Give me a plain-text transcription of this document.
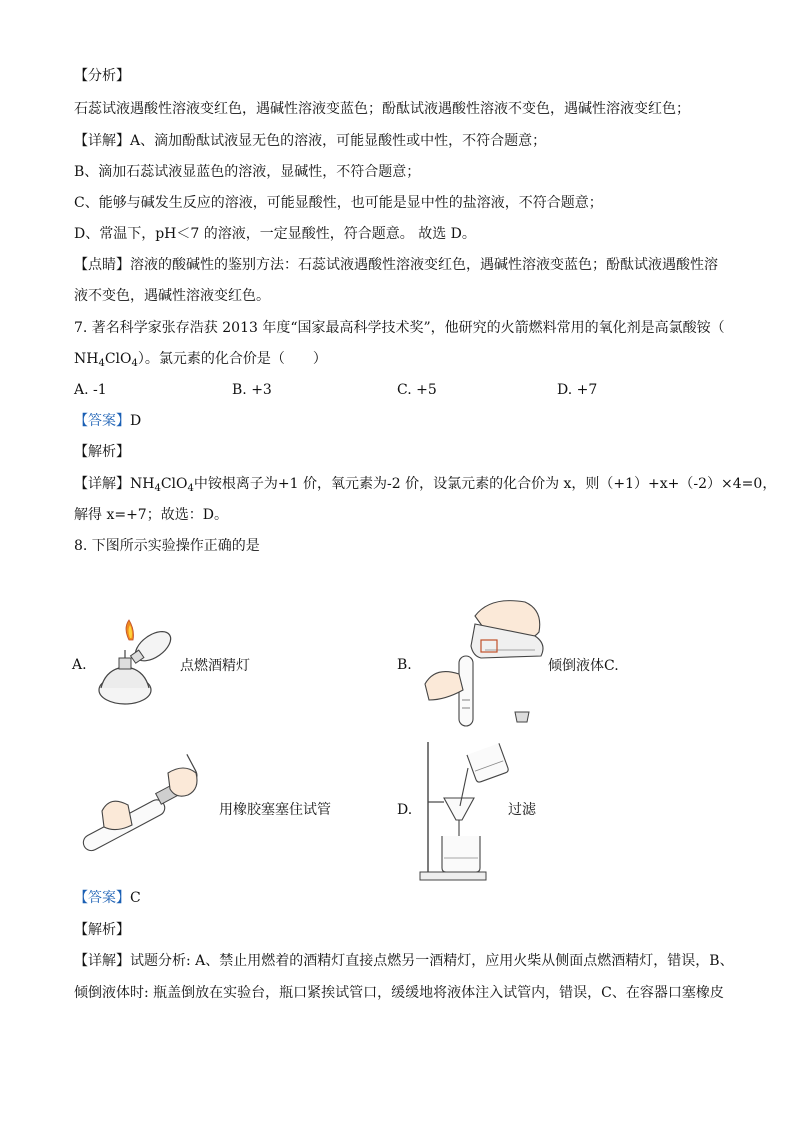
【分析】
石蕊试液遇酸性溶液变红色，遇碱性溶液变蓝色；酚酞试液遇酸性溶液不变色，遇碱性溶液变红色；
【详解】A、滴加酚酞试液显无色的溶液，可能显酸性或中性，不符合题意；
B、滴加石蕊试液显蓝色的溶液，显碱性，不符合题意；
C、能够与碱发生反应的溶液，可能显酸性，也可能是显中性的盐溶液，不符合题意；
D、常温下，pH＜7 的溶液，一定显酸性，符合题意。 故选 D。
【点睛】溶液的酸碱性的鉴别方法：石蕊试液遇酸性溶液变红色，遇碱性溶液变蓝色；酚酞试液遇酸性溶
液不变色，遇碱性溶液变红色。
7. 著名科学家张存浩获 2013 年度“国家最高科学技术奖”，他研究的火箭燃料常用的氧化剂是高氯酸铵（
$NH_4ClO_4$）。氯元素的化合价是（　　）
A. -1	B. +3	C. +5	D. +7
【答案】D
【解析】
【详解】$NH_4ClO_4$中铵根离子为+1 价，氧元素为-2 价，设氯元素的化合价为 x，则（+1）+x+（-2）×4=0，
解得 x=+7；故选：D。
8. 下图所示实验操作正确的是
A.	点燃酒精灯	B.	倾倒液体C.
用橡胶塞塞住试管	D.	过滤
【答案】C
【解析】
【详解】试题分析: A、禁止用燃着的酒精灯直接点燃另一酒精灯，应用火柴从侧面点燃酒精灯，错误，B、
倾倒液体时: 瓶盖倒放在实验台，瓶口紧挨试管口，缓缓地将液体注入试管内，错误，C、在容器口塞橡皮
